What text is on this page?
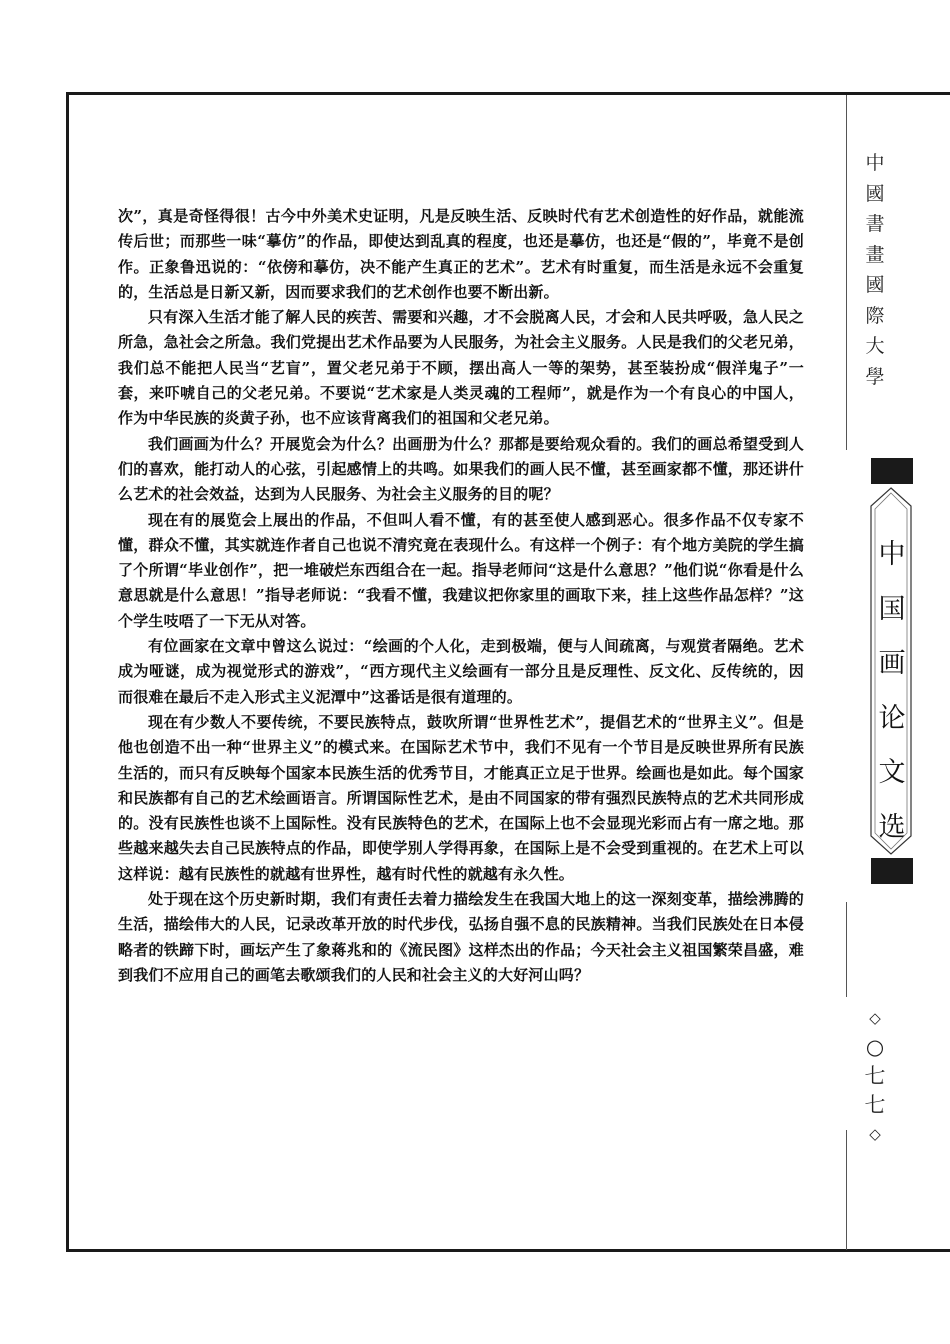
次”，真是奇怪得很！古今中外美术史证明，凡是反映生活、反映时代有艺术创造性的好作品，就能流传后世；而那些一味“摹仿”的作品，即使达到乱真的程度，也还是摹仿，也还是“假的”，毕竟不是创作。正象鲁迅说的：“依傍和摹仿，决不能产生真正的艺术”。艺术有时重复，而生活是永远不会重复的，生活总是日新又新，因而要求我们的艺术创作也要不断出新。

只有深入生活才能了解人民的疾苦、需要和兴趣，才不会脱离人民，才会和人民共呼吸，急人民之所急，急社会之所急。我们党提出艺术作品要为人民服务，为社会主义服务。人民是我们的父老兄弟，我们总不能把人民当“艺盲”，置父老兄弟于不顾，摆出高人一等的架势，甚至装扮成“假洋鬼子”一套，来吓唬自己的父老兄弟。不要说“艺术家是人类灵魂的工程师”，就是作为一个有良心的中国人，作为中华民族的炎黄子孙，也不应该背离我们的祖国和父老兄弟。

我们画画为什么？开展览会为什么？出画册为什么？那都是要给观众看的。我们的画总希望受到人们的喜欢，能打动人的心弦，引起感情上的共鸣。如果我们的画人民不懂，甚至画家都不懂，那还讲什么艺术的社会效益，达到为人民服务、为社会主义服务的目的呢？

现在有的展览会上展出的作品，不但叫人看不懂，有的甚至使人感到恶心。很多作品不仅专家不懂，群众不懂，其实就连作者自己也说不清究竟在表现什么。有这样一个例子：有个地方美院的学生搞了个所谓“毕业创作”，把一堆破烂东西组合在一起。指导老师问“这是什么意思？”他们说“你看是什么意思就是什么意思！”指导老师说：“我看不懂，我建议把你家里的画取下来，挂上这些作品怎样？”这个学生吱唔了一下无从对答。

有位画家在文章中曾这么说过：“绘画的个人化，走到极端，便与人间疏离，与观赏者隔绝。艺术成为哑谜，成为视觉形式的游戏”，“西方现代主义绘画有一部分且是反理性、反文化、反传统的，因而很难在最后不走入形式主义泥潭中”这番话是很有道理的。

现在有少数人不要传统，不要民族特点，鼓吹所谓“世界性艺术”，提倡艺术的“世界主义”。但是他也创造不出一种“世界主义”的模式来。在国际艺术节中，我们不见有一个节目是反映世界所有民族生活的，而只有反映每个国家本民族生活的优秀节目，才能真正立足于世界。绘画也是如此。每个国家和民族都有自己的艺术绘画语言。所谓国际性艺术，是由不同国家的带有强烈民族特点的艺术共同形成的。没有民族性也谈不上国际性。没有民族特色的艺术，在国际上也不会显现光彩而占有一席之地。那些越来越失去自己民族特点的作品，即使学别人学得再象，在国际上是不会受到重视的。在艺术上可以这样说：越有民族性的就越有世界性，越有时代性的就越有永久性。

处于现在这个历史新时期，我们有责任去着力描绘发生在我国大地上的这一深刻变革，描绘沸腾的生活，描绘伟大的人民，记录改革开放的时代步伐，弘扬自强不息的民族精神。当我们民族处在日本侵略者的铁蹄下时，画坛产生了象蒋兆和的《流民图》这样杰出的作品；今天社会主义祖国繁荣昌盛，难到我们不应用自己的画笔去歌颂我们的人民和社会主义的大好河山吗？

中
國
書
畫
國
際
大
學
中
国
画
论
文
选
◇
○
七
七
◇
